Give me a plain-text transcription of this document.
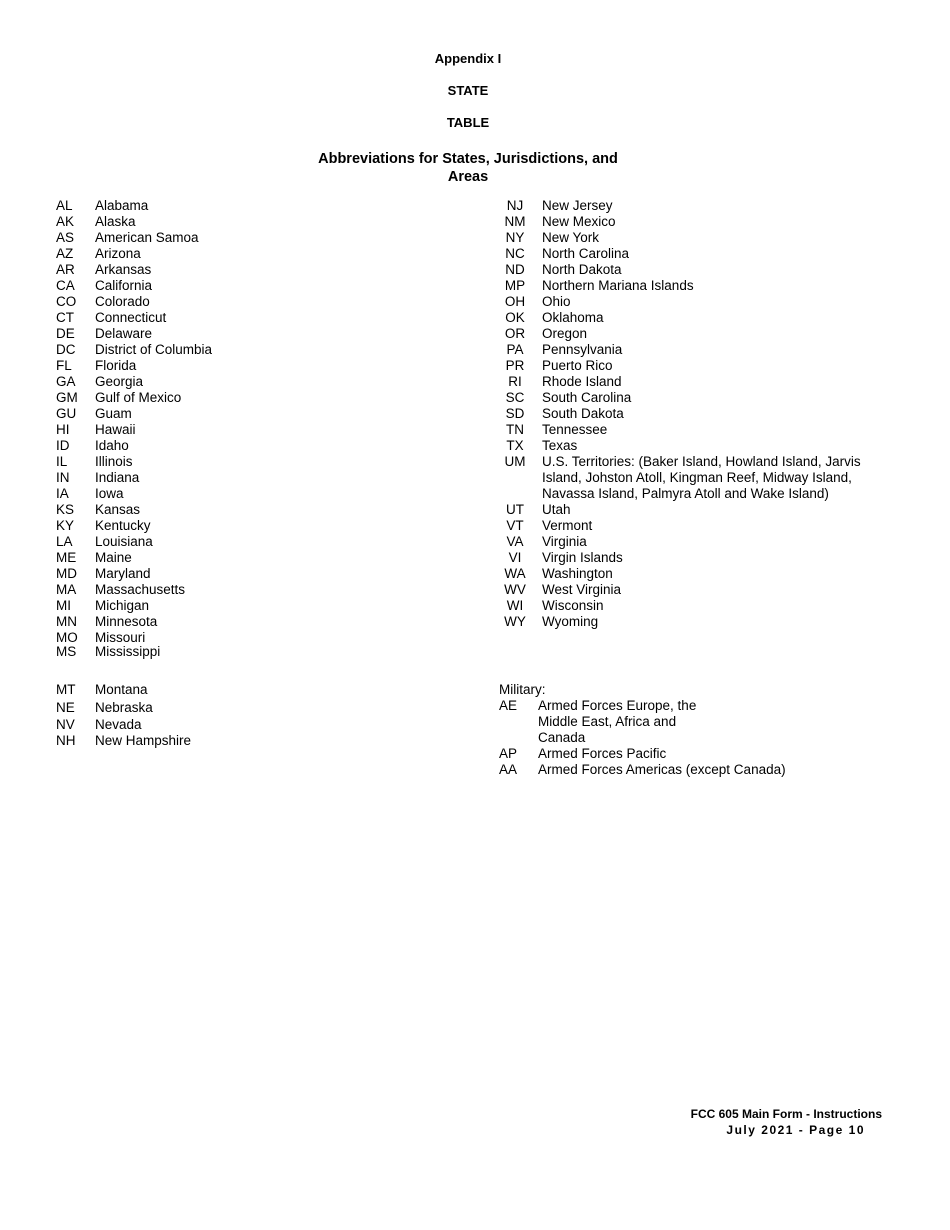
Appendix I
STATE
TABLE
Abbreviations for States, Jurisdictions, and
Areas
AL Alabama
AK Alaska
AS American Samoa
AZ Arizona
AR Arkansas
CA California
CO Colorado
CT Connecticut
DE Delaware
DC District of Columbia
FL Florida
GA Georgia
GM Gulf of Mexico
GU Guam
HI Hawaii
ID Idaho
IL Illinois
IN Indiana
IA Iowa
KS Kansas
KY Kentucky
LA Louisiana
ME Maine
MD Maryland
MA Massachusetts
MI Michigan
MN Minnesota
MO Missouri
MS Mississippi
MT Montana
NE Nebraska
NV Nevada
NH New Hampshire
NJ	New Jersey
NM	New Mexico
NY	New York
NC	North Carolina
ND	North Dakota
MP	Northern Mariana Islands
OH	Ohio
OK	Oklahoma
OR	Oregon
PA	Pennsylvania
PR	Puerto Rico
RI	Rhode Island
SC	South Carolina
SD	South Dakota
TN	Tennessee
TX	Texas
UM	U.S. Territories: (Baker Island, Howland Island, Jarvis
Island, Johston Atoll, Kingman Reef, Midway Island,
Navassa Island, Palmyra Atoll and Wake Island)
UT	Utah
VT	Vermont
VA	Virginia
VI	Virgin Islands
WA	Washington
WV	West Virginia
WI	Wisconsin
WY	Wyoming
Military:
AE Armed Forces Europe, the
Middle East, Africa and
Canada
AP Armed Forces Pacific
AA Armed Forces Americas (except Canada)
FCC 605 Main Form - Instructions
July 2021 - Page 10
